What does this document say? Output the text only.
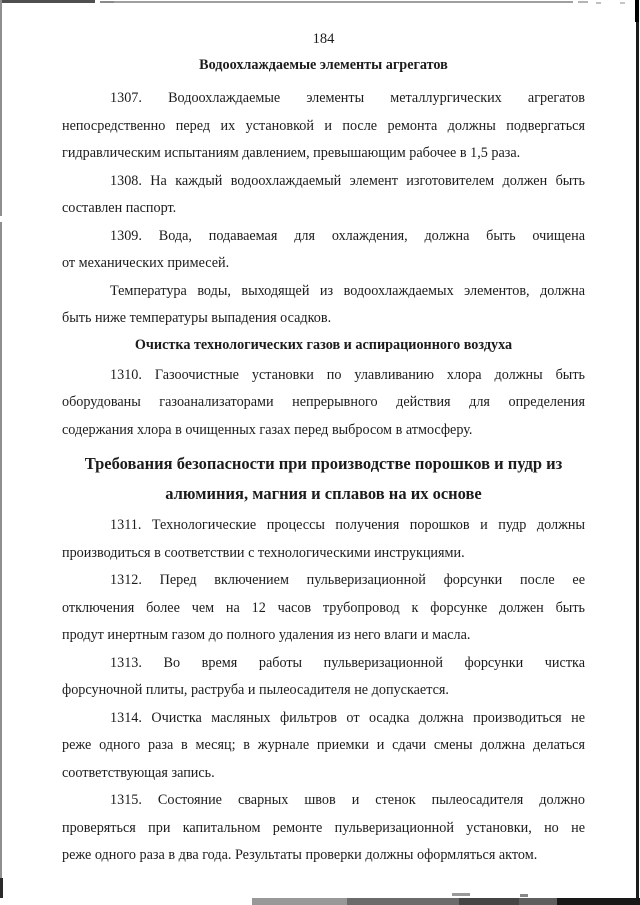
184
Водоохлаждаемые элементы агрегатов
1307. Водоохлаждаемые элементы металлургических агрегатов
непосредственно перед их установкой и после ремонта должны подвергаться
гидравлическим испытаниям давлением, превышающим рабочее в 1,5 раза.
1308. На каждый водоохлаждаемый элемент изготовителем должен быть
составлен паспорт.
1309. Вода, подаваемая для охлаждения, должна быть очищена
от механических примесей.
Температура воды, выходящей из водоохлаждаемых элементов, должна
быть ниже температуры выпадения осадков.
Очистка технологических газов и аспирационного воздуха
1310. Газоочистные установки по улавливанию хлора должны быть
оборудованы газоанализаторами непрерывного действия для определения
содержания хлора в очищенных газах перед выбросом в атмосферу.
Требования безопасности при производстве порошков и пудр из
алюминия, магния и сплавов на их основе
1311. Технологические процессы получения порошков и пудр должны
производиться в соответствии с технологическими инструкциями.
1312. Перед включением пульверизационной форсунки после ее
отключения более чем на 12 часов трубопровод к форсунке должен быть
продут инертным газом до полного удаления из него влаги и масла.
1313. Во время работы пульверизационной форсунки чистка
форсуночной плиты, раструба и пылеосадителя не допускается.
1314. Очистка масляных фильтров от осадка должна производиться не
реже одного раза в месяц; в журнале приемки и сдачи смены должна делаться
соответствующая запись.
1315. Состояние сварных швов и стенок пылеосадителя должно
проверяться при капитальном ремонте пульверизационной установки, но не
реже одного раза в два года. Результаты проверки должны оформляться актом.
